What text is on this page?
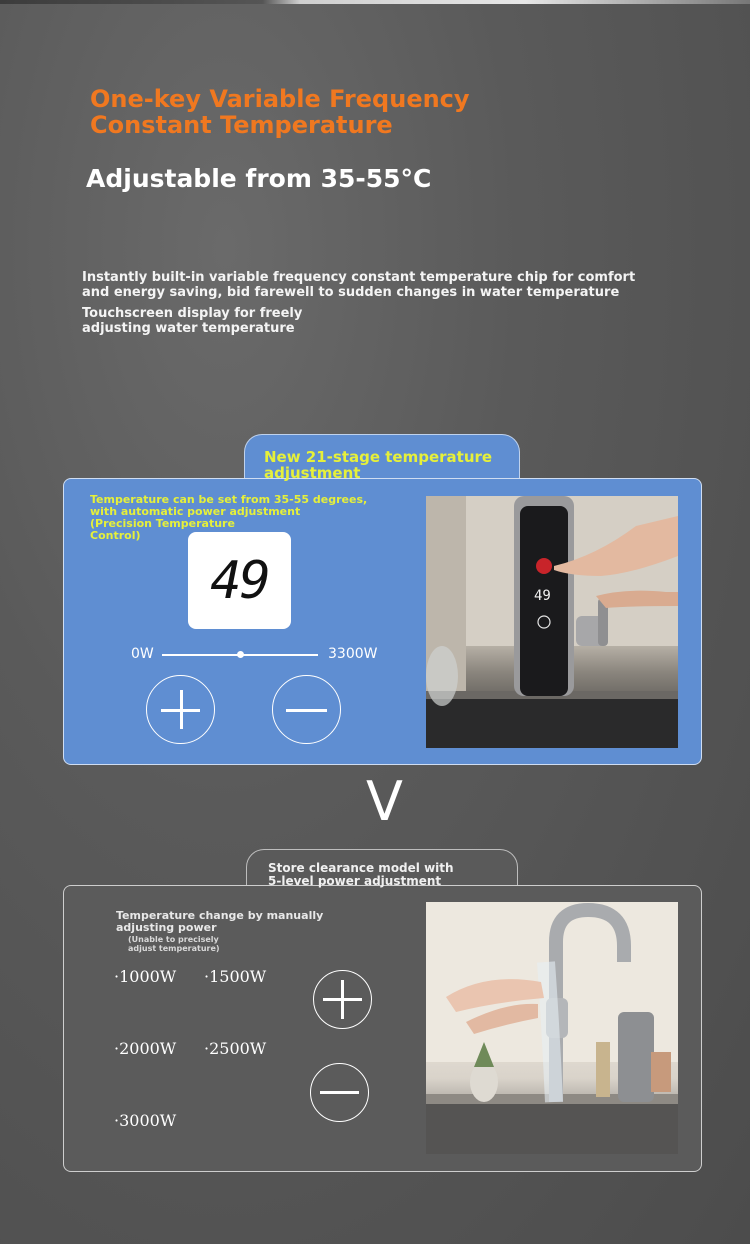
One-key Variable Frequency
Constant Temperature
Adjustable from 35-55°C
Instantly built-in variable frequency constant temperature chip for comfort
and energy saving, bid farewell to sudden changes in water temperature
Touchscreen display for freely
adjusting water temperature
New 21-stage temperature
adjustment
Temperature can be set from 35-55 degrees,
with automatic power adjustment
(Precision Temperature
Control)
49
0W	3300W
49
V
Store clearance model with
5-level power adjustment
Temperature change by manually
adjusting power
(Unable to precisely
adjust temperature)
·1000W ·1500W
·2000W ·2500W
·3000W
